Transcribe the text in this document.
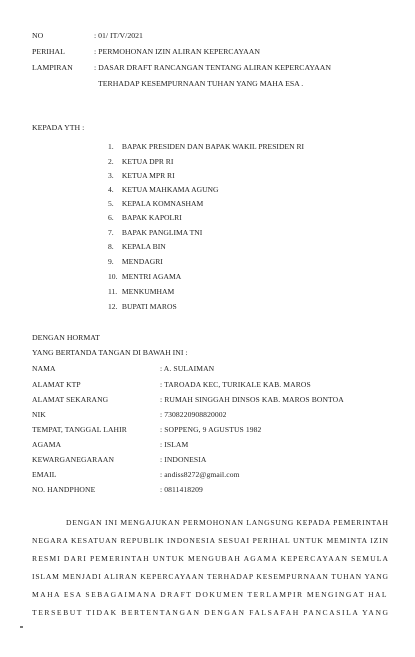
NO	: 01/ IT/V/2021
PERIHAL	: PERMOHONAN IZIN ALIRAN KEPERCAYAAN
LAMPIRAN	: DASAR DRAFT RANCANGAN TENTANG ALIRAN KEPERCAYAAN
TERHADAP KESEMPURNAAN TUHAN YANG MAHA ESA .
KEPADA YTH :
1. BAPAK PRESIDEN DAN BAPAK WAKIL PRESIDEN RI
2. KETUA DPR RI
3. KETUA MPR RI
4. KETUA MAHKAMA AGUNG
5. KEPALA KOMNASHAM
6. BAPAK KAPOLRI
7. BAPAK PANGLIMA TNI
8. KEPALA BIN
9. MENDAGRI
10. MENTRI AGAMA
11. MENKUMHAM
12. BUPATI MAROS
DENGAN HORMAT
YANG BERTANDA TANGAN DI BAWAH INI :
NAMA	: A. SULAIMAN
ALAMAT KTP	: TAROADA KEC, TURIKALE KAB. MAROS
ALAMAT SEKARANG	: RUMAH SINGGAH DINSOS KAB. MAROS BONTOA
NIK	: 7308220908820002
TEMPAT, TANGGAL LAHIR	: SOPPENG, 9 AGUSTUS 1982
AGAMA	: ISLAM
KEWARGANEGARAAN	: INDONESIA
EMAIL	: andiss8272@gmail.com
NO. HANDPHONE	: 0811418209
DENGAN INI MENGAJUKAN PERMOHONAN LANGSUNG KEPADA PEMERINTAH
NEGARA KESATUAN REPUBLIK INDONESIA SESUAI PERIHAL UNTUK MEMINTA IZIN
RESMI DARI PEMERINTAH UNTUK MENGUBAH AGAMA KEPERCAYAAN SEMULA
ISLAM MENJADI ALIRAN KEPERCAYAAN TERHADAP KESEMPURNAAN TUHAN YANG
MAHA ESA SEBAGAIMANA DRAFT DOKUMEN TERLAMPIR MENGINGAT HAL
TERSEBUT TIDAK BERTENTANGAN DENGAN FALSAFAH PANCASILA YANG
